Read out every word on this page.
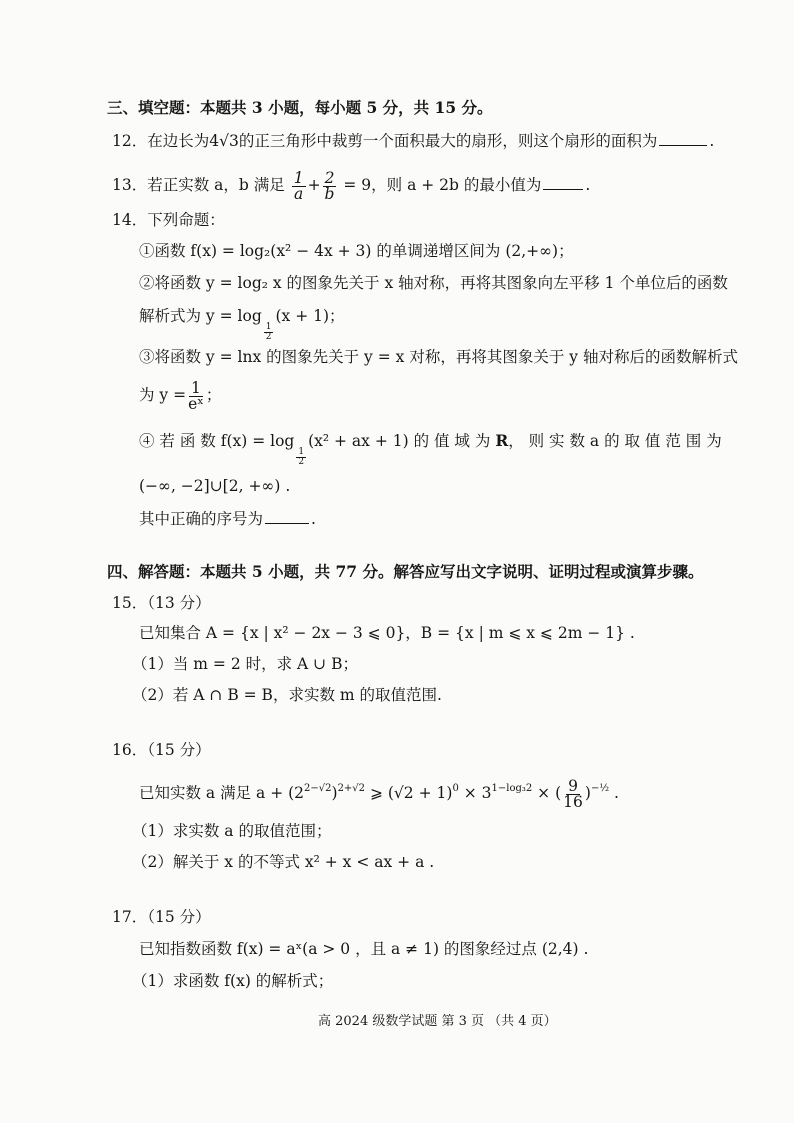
三、填空题：本题共 3 小题，每小题 5 分，共 15 分。
12．在边长为4√3的正三角形中裁剪一个面积最大的扇形，则这个扇形的面积为	.
13．若正实数 a，b 满足 $\frac{1}{a} + \frac{2}{b} = 9$，则 a + 2b 的最小值为	.
14．下列命题：
①函数 f(x) = log₂(x² − 4x + 3) 的单调递增区间为 (2,+∞)；
②将函数 y = log₂ x 的图象先关于 x 轴对称，再将其图象向左平移 1 个单位后的函数
解析式为 y = log
$\frac{1}{2}$
(x + 1)；
③将函数 y = lnx 的图象先关于 y = x 对称，再将其图象关于 y 轴对称后的函数解析式
为 $y = \frac{1}{\text{eˣ}}$ ；
④ 若 函 数 f(x) = log
$\frac{1}{2}$
(x² + ax + 1) 的 值 域 为 R， 则 实 数 a 的 取 值 范 围 为
(−∞, −2]∪[2, +∞) .
其中正确的序号为	.
四、解答题：本题共 5 小题，共 77 分。解答应写出文字说明、证明过程或演算步骤。
15．（13 分）
已知集合 A = {x | x² − 2x − 3 ⩽ 0}，B = {x | m ⩽ x ⩽ 2m − 1} .
（1）当 m = 2 时，求 A ∪ B；
（2）若 A ∩ B = B，求实数 m 的取值范围.
16．（15 分）
已知实数 a 满足 $a + (2^{2-√2})^{2+√2}$ ⩾ $(√2 + 1)^0 \times 3^{1-log_32}$ × ( $\frac{9}{16} )^{-\frac{1}{2}}$ .
（1）求实数 a 的取值范围；
（2）解关于 x 的不等式 x² + x < ax + a .
17．（15 分）
已知指数函数 f(x) = aˣ(a > 0 ，且 a ≠ 1) 的图象经过点 (2,4) .
（1）求函数 f(x) 的解析式；
高 2024 级数学试题 第 3 页 （共 4 页）
